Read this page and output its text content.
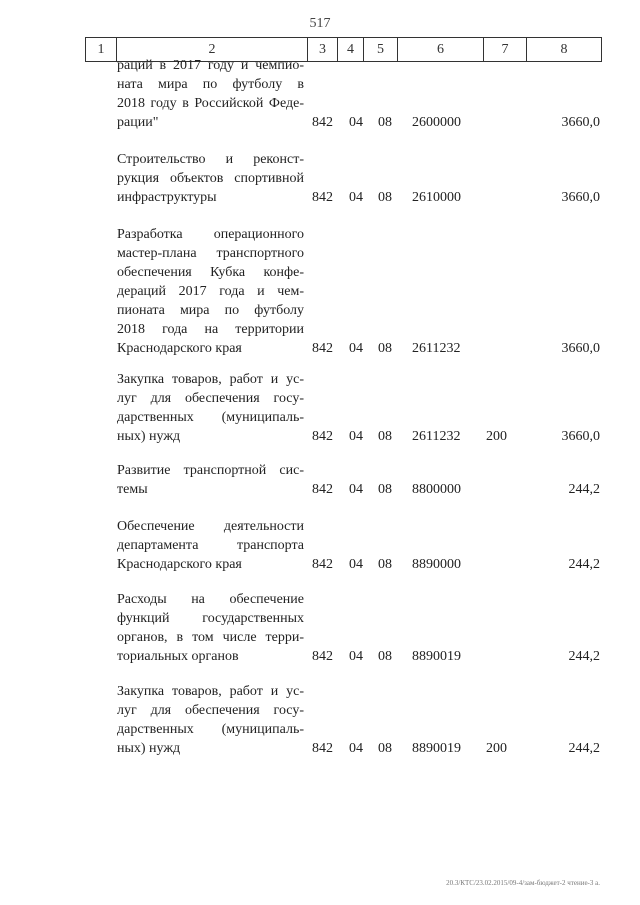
517
1	2	3	4	5	6	7	8
раций в 2017 году и чемпио-
ната мира по футболу в
2018 году в Российской Феде-
рации"	842 04 08 2600000	3660,0
Строительство и реконст-
рукция объектов спортивной
инфраструктуры	842 04 08 2610000	3660,0
Разработка операционного
мастер-плана транспортного
обеспечения Кубка конфе-
дераций 2017 года и чем-
пионата мира по футболу
2018 года на территории
Краснодарского края	842 04 08 2611232	3660,0
Закупка товаров, работ и ус-
луг для обеспечения госу-
дарственных (муниципаль-
ных) нужд	842 04 08 2611232 200	3660,0
Развитие транспортной сис-
темы	842 04 08 8800000	244,2
Обеспечение деятельности
департамента транспорта
Краснодарского края	842 04 08 8890000	244,2
Расходы на обеспечение
функций государственных
органов, в том числе терри-
ториальных органов	842 04 08 8890019	244,2
Закупка товаров, работ и ус-
луг для обеспечения госу-
дарственных (муниципаль-
ных) нужд	842 04 08 8890019 200	244,2
20.3/КТС/23.02.2015/09-4/зам-бюджет-2 чтение-3 а.
